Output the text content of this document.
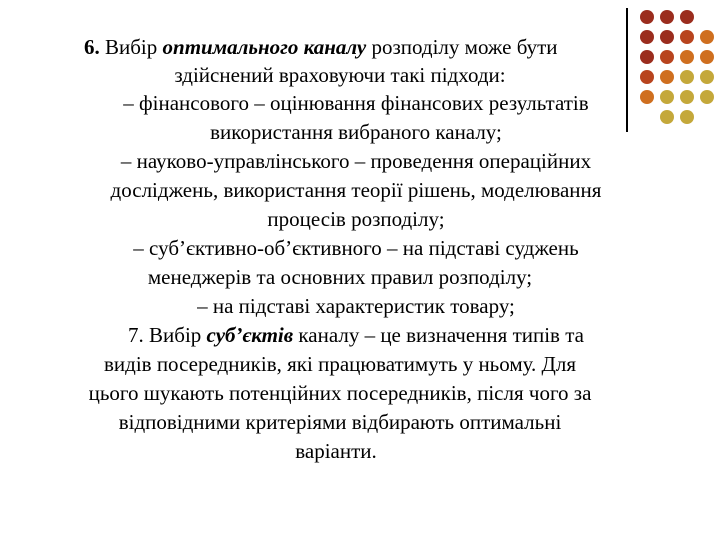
6. Вибір оптимального каналу розподілу може бути
здійснений враховуючи такі підходи:
– фінансового – оцінювання фінансових результатів
використання вибраного каналу;
– науково-управлінського – проведення операційних
досліджень, використання теорії рішень, моделювання
процесів розподілу;
– суб’єктивно-об’єктивного – на підставі суджень
менеджерів та основних правил розподілу;
– на підставі характеристик товару;
7. Вибір суб’єктів каналу – це визначення типів та
видів посередників, які працюватимуть у ньому. Для
цього шукають потенційних посередників, після чого за
відповідними критеріями відбирають оптимальні
варіанти.
